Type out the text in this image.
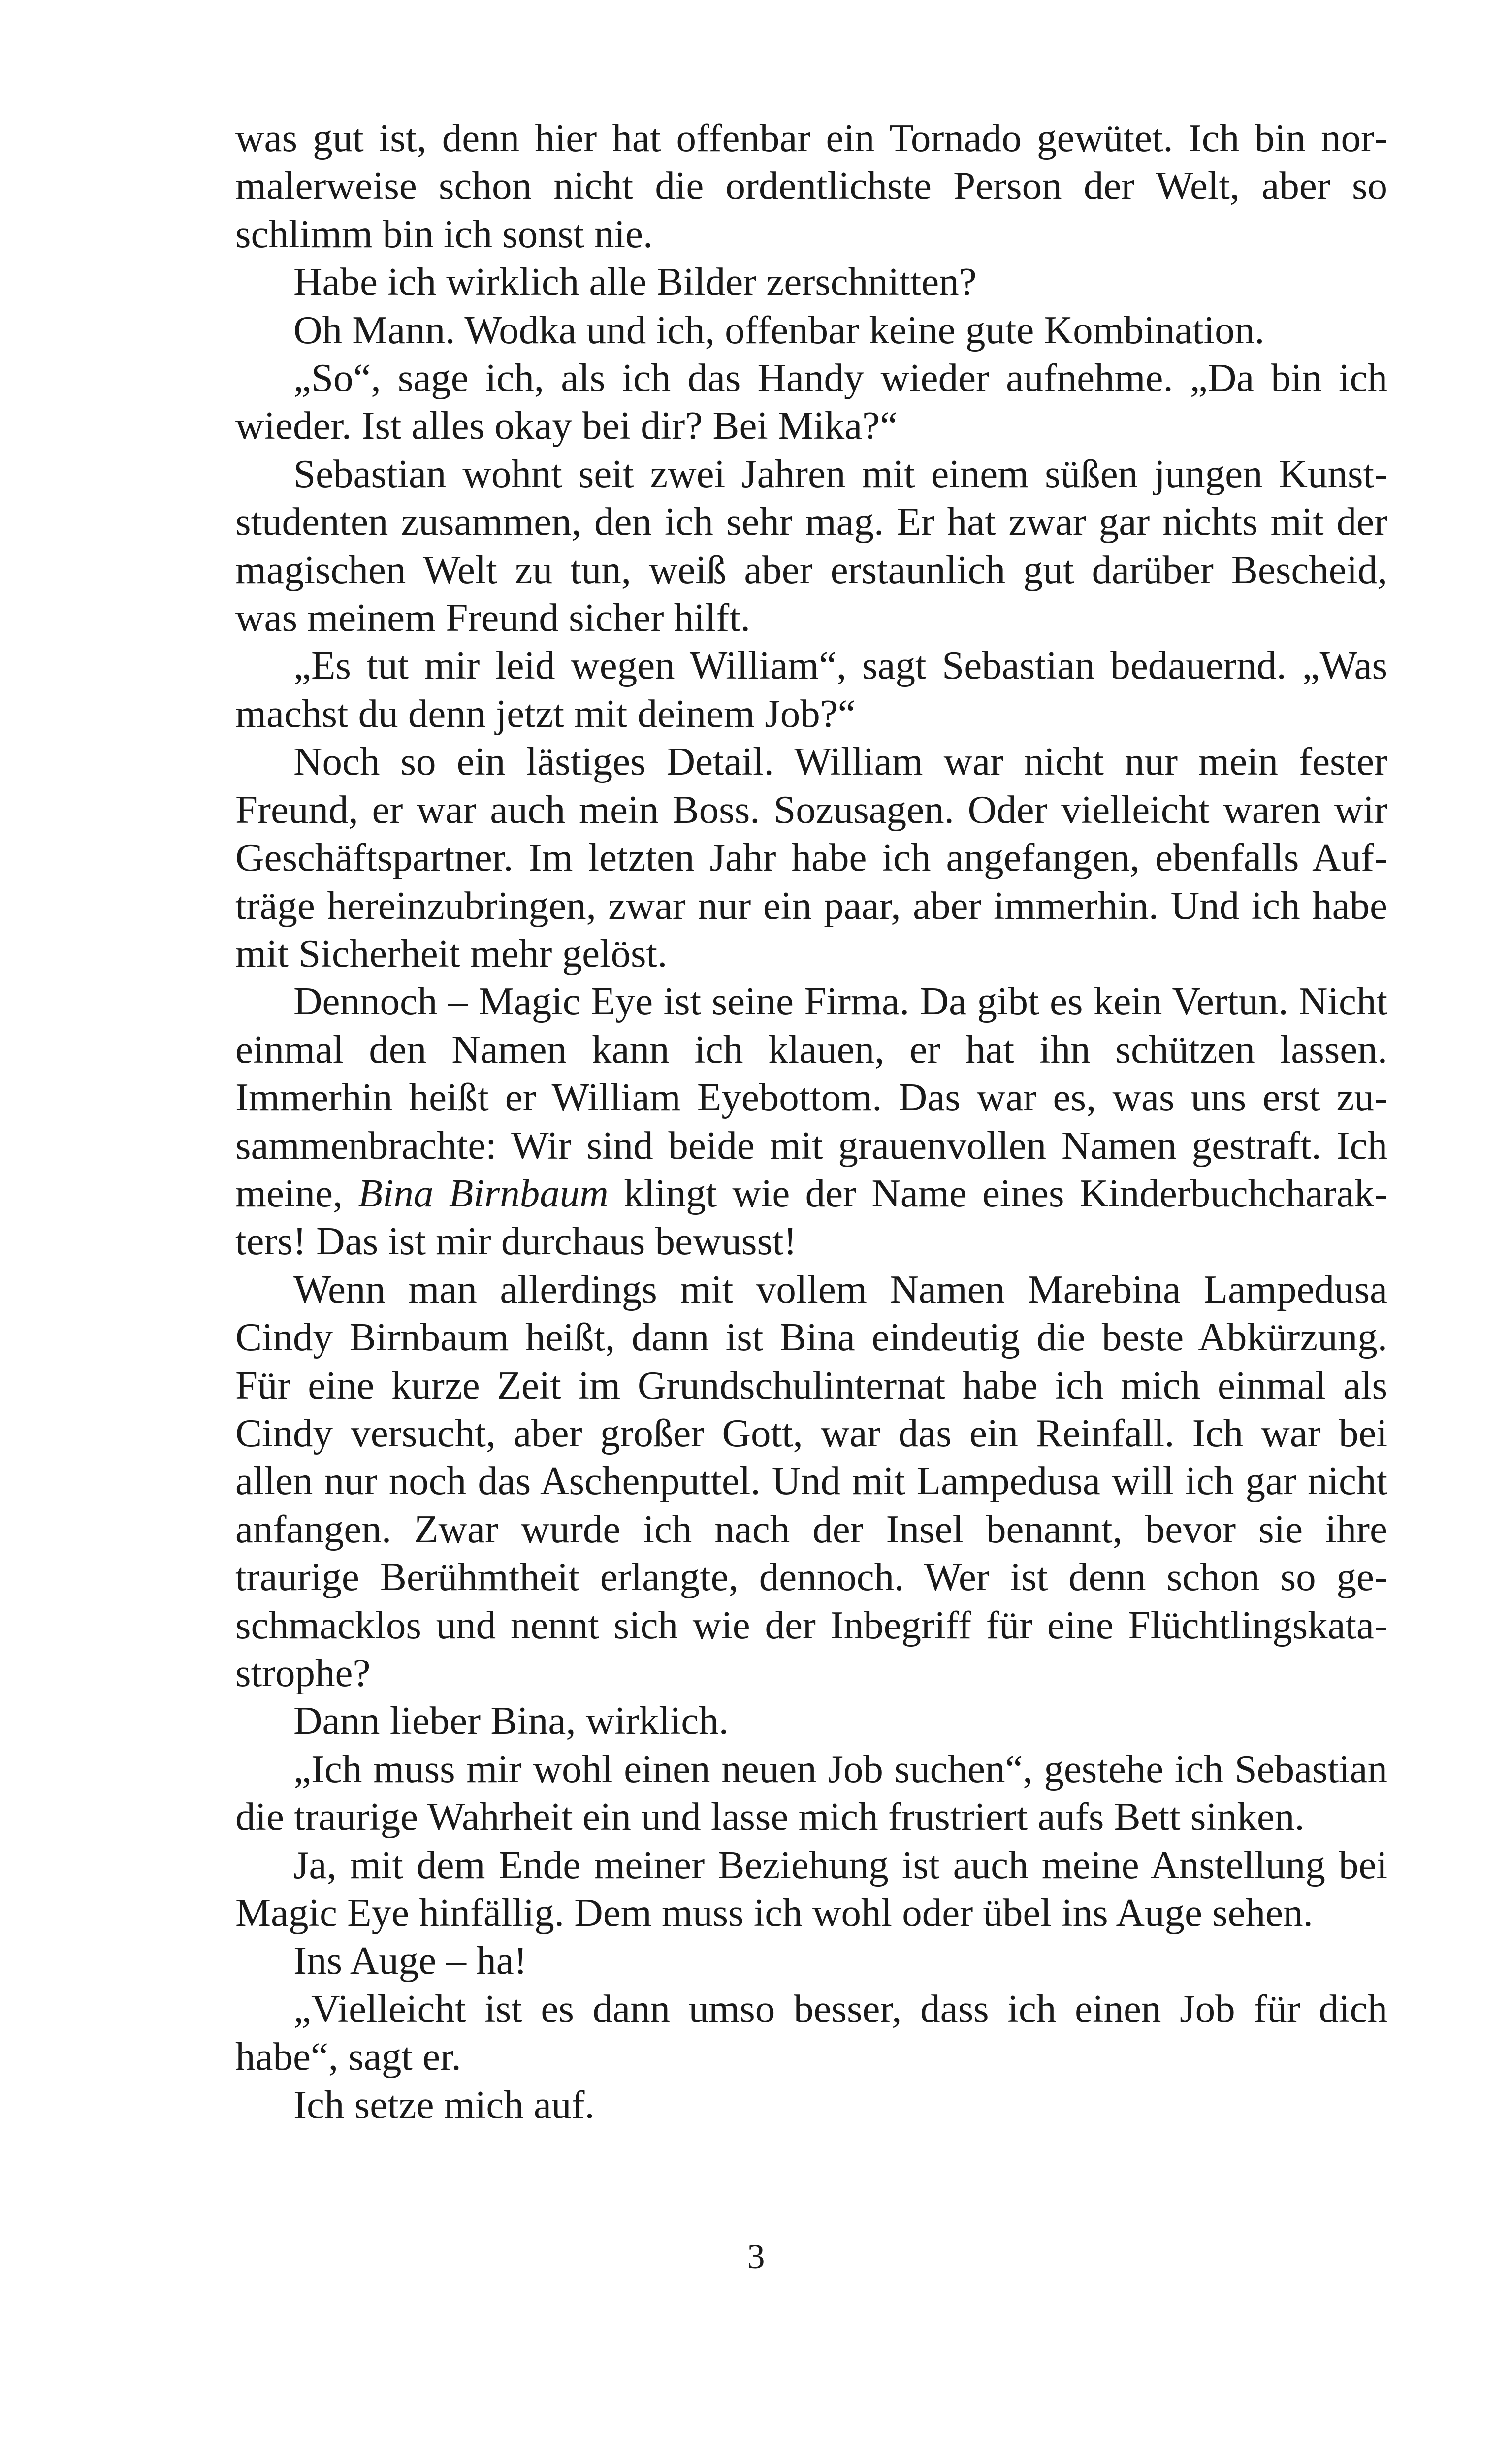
was gut ist, denn hier hat offenbar ein Tornado gewütet. Ich bin normalerweise schon nicht die ordentlichste Person der Welt, aber so schlimm bin ich sonst nie.

Habe ich wirklich alle Bilder zerschnitten?

Oh Mann. Wodka und ich, offenbar keine gute Kombination.

„So“, sage ich, als ich das Handy wieder aufnehme. „Da bin ich wieder. Ist alles okay bei dir? Bei Mika?“

Sebastian wohnt seit zwei Jahren mit einem süßen jungen Kunststudenten zusammen, den ich sehr mag. Er hat zwar gar nichts mit der magischen Welt zu tun, weiß aber erstaunlich gut darüber Bescheid, was meinem Freund sicher hilft.

„Es tut mir leid wegen William“, sagt Sebastian bedauernd. „Was machst du denn jetzt mit deinem Job?“

Noch so ein lästiges Detail. William war nicht nur mein fester Freund, er war auch mein Boss. Sozusagen. Oder vielleicht waren wir Geschäftspartner. Im letzten Jahr habe ich angefangen, ebenfalls Aufträge hereinzubringen, zwar nur ein paar, aber immerhin. Und ich habe mit Sicherheit mehr gelöst.

Dennoch – Magic Eye ist seine Firma. Da gibt es kein Vertun. Nicht einmal den Namen kann ich klauen, er hat ihn schützen lassen. Immerhin heißt er William Eyebottom. Das war es, was uns erst zusammenbrachte: Wir sind beide mit grauenvollen Namen gestraft. Ich meine, Bina Birnbaum klingt wie der Name eines Kinderbuchcharakters! Das ist mir durchaus bewusst!

Wenn man allerdings mit vollem Namen Marebina Lampedusa Cindy Birnbaum heißt, dann ist Bina eindeutig die beste Abkürzung. Für eine kurze Zeit im Grundschulinternat habe ich mich einmal als Cindy versucht, aber großer Gott, war das ein Reinfall. Ich war bei allen nur noch das Aschenputtel. Und mit Lampedusa will ich gar nicht anfangen. Zwar wurde ich nach der Insel benannt, bevor sie ihre traurige Berühmtheit erlangte, dennoch. Wer ist denn schon so geschmacklos und nennt sich wie der Inbegriff für eine Flüchtlingskatastrophe?

Dann lieber Bina, wirklich.

„Ich muss mir wohl einen neuen Job suchen“, gestehe ich Sebastian die traurige Wahrheit ein und lasse mich frustriert aufs Bett sinken.

Ja, mit dem Ende meiner Beziehung ist auch meine Anstellung bei Magic Eye hinfällig. Dem muss ich wohl oder übel ins Auge sehen.

Ins Auge – ha!

„Vielleicht ist es dann umso besser, dass ich einen Job für dich habe“, sagt er.

Ich setze mich auf.

3
